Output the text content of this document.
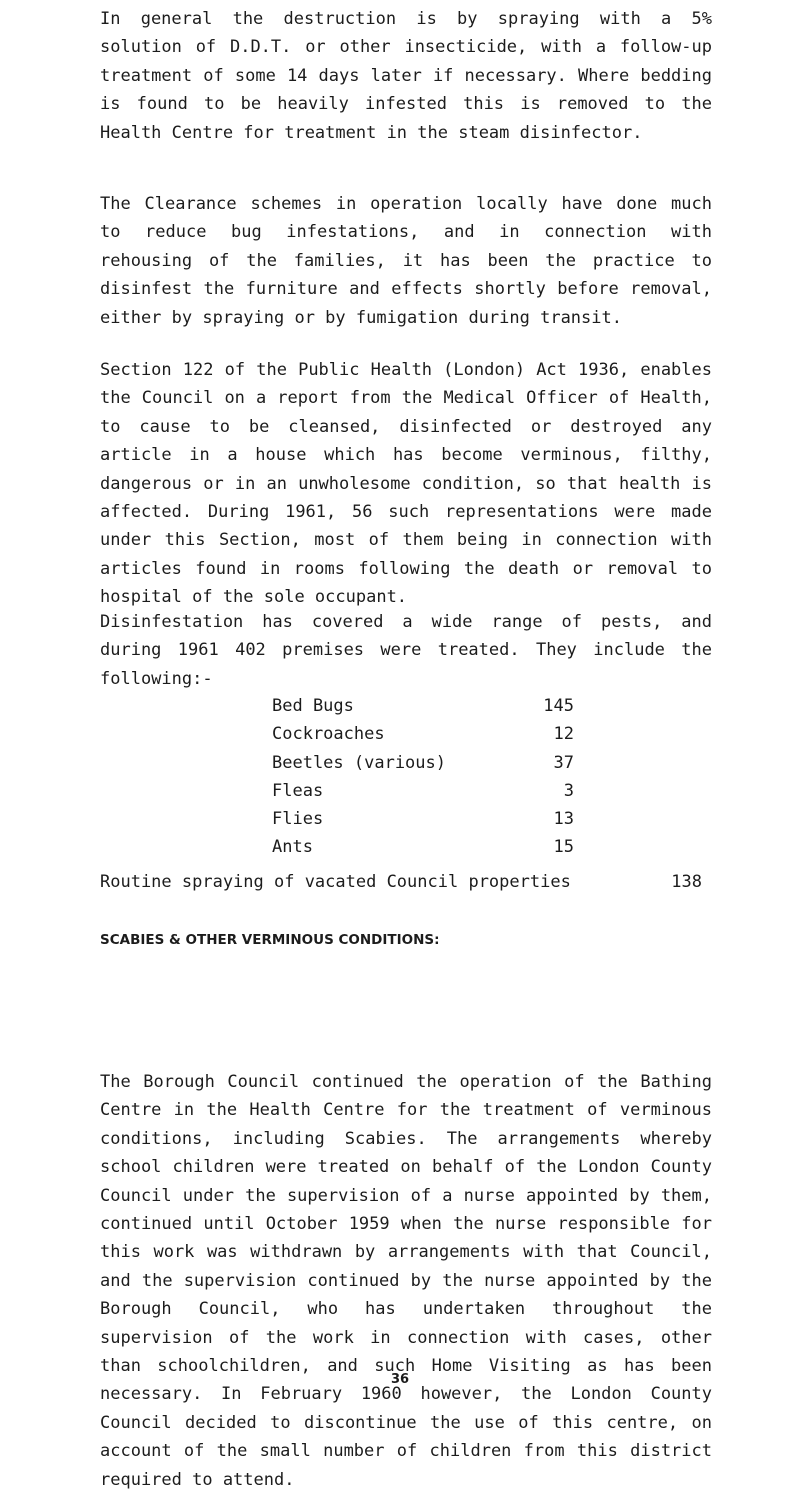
In general the destruction is by spraying with a 5% solution of D.D.T. or other insecticide, with a follow-up treatment of some 14 days later if necessary. Where bedding is found to be heavily infested this is removed to the Health Centre for treatment in the steam disinfector.

The Clearance schemes in operation locally have done much to reduce bug infestations, and in connection with rehousing of the families, it has been the practice to disinfest the furniture and effects shortly before removal, either by spraying or by fumigation during transit.

Section 122 of the Public Health (London) Act 1936, enables the Council on a report from the Medical Officer of Health, to cause to be cleansed, disinfected or destroyed any article in a house which has become verminous, filthy, dangerous or in an unwholesome condition, so that health is affected. During 1961, 56 such representations were made under this Section, most of them being in connection with articles found in rooms following the death or removal to hospital of the sole occupant.

Disinfestation has covered a wide range of pests, and during 1961 402 premises were treated. They include the following:-

Bed Bugs	145
Cockroaches	12
Beetles (various)	37
Fleas	3
Flies	13
Ants	15
Routine spraying of vacated Council properties	138
SCABIES & OTHER VERMINOUS CONDITIONS:

The Borough Council continued the operation of the Bathing Centre in the Health Centre for the treatment of verminous conditions, including Scabies. The arrangements whereby school children were treated on behalf of the London County Council under the supervision of a nurse appointed by them, continued until October 1959 when the nurse responsible for this work was withdrawn by arrangements with that Council, and the supervision continued by the nurse appointed by the Borough Council, who has undertaken throughout the supervision of the work in connection with cases, other than schoolchildren, and such Home Visiting as has been necessary. In February 1960 however, the London County Council decided to discontinue the use of this centre, on account of the small number of children from this district required to attend.

36
